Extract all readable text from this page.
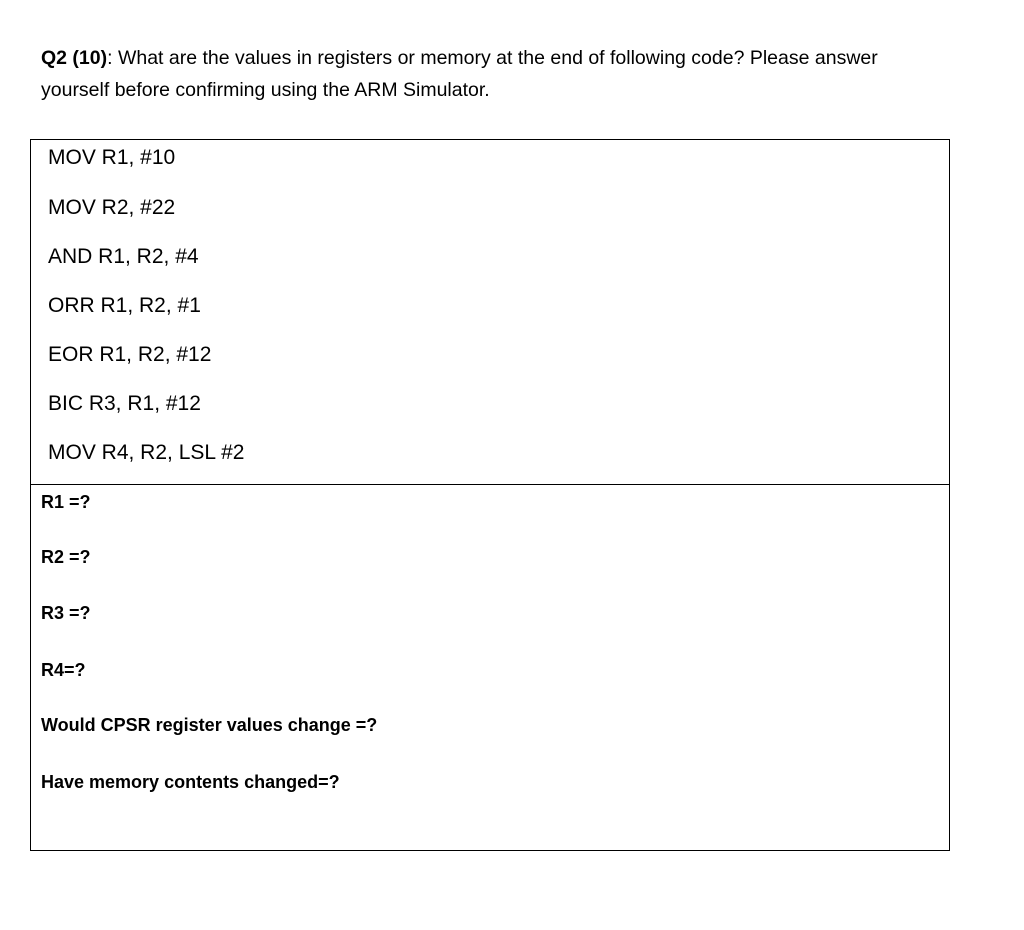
Q2 (10): What are the values in registers or memory at the end of following code? Please answer
yourself before confirming using the ARM Simulator.
MOV R1, #10
MOV R2, #22
AND R1, R2, #4
ORR R1, R2, #1
EOR R1, R2, #12
BIC R3, R1, #12
MOV R4, R2, LSL #2
R1 =?
R2 =?
R3 =?
R4=?
Would CPSR register values change =?
Have memory contents changed=?
